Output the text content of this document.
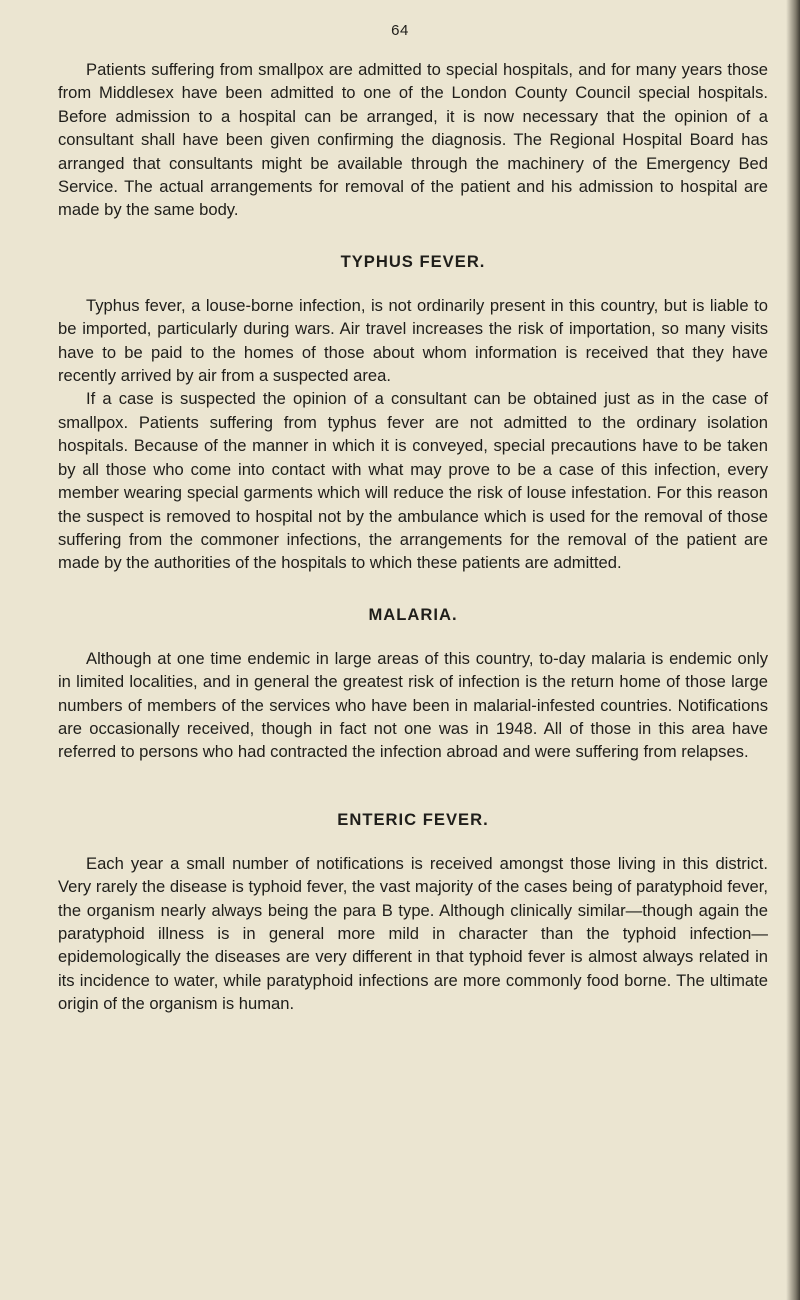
64

Patients suffering from smallpox are admitted to special hospitals, and for many years those from Middlesex have been admitted to one of the London County Council special hospitals. Before admission to a hospital can be arranged, it is now necessary that the opinion of a consultant shall have been given confirming the diagnosis. The Regional Hospital Board has arranged that consultants might be available through the machinery of the Emergency Bed Service. The actual arrangements for removal of the patient and his admission to hospital are made by the same body.

TYPHUS FEVER.

Typhus fever, a louse-borne infection, is not ordinarily present in this country, but is liable to be imported, particularly during wars. Air travel increases the risk of importation, so many visits have to be paid to the homes of those about whom information is received that they have recently arrived by air from a suspected area.

If a case is suspected the opinion of a consultant can be obtained just as in the case of smallpox. Patients suffering from typhus fever are not admitted to the ordinary isolation hospitals. Because of the manner in which it is conveyed, special precautions have to be taken by all those who come into contact with what may prove to be a case of this infection, every member wearing special garments which will reduce the risk of louse infestation. For this reason the suspect is removed to hospital not by the ambulance which is used for the removal of those suffering from the commoner infections, the arrangements for the removal of the patient are made by the authorities of the hospitals to which these patients are admitted.

MALARIA.

Although at one time endemic in large areas of this country, to-day malaria is endemic only in limited localities, and in general the greatest risk of infection is the return home of those large numbers of members of the services who have been in malarial-infested countries. Notifications are occasionally received, though in fact not one was in 1948. All of those in this area have referred to persons who had contracted the infection abroad and were suffering from relapses.

ENTERIC FEVER.

Each year a small number of notifications is received amongst those living in this district. Very rarely the disease is typhoid fever, the vast majority of the cases being of paratyphoid fever, the organism nearly always being the para B type. Although clinically similar—though again the paratyphoid illness is in general more mild in character than the typhoid infection—epidemologically the diseases are very different in that typhoid fever is almost always related in its incidence to water, while paratyphoid infections are more commonly food borne. The ultimate origin of the organism is human.
